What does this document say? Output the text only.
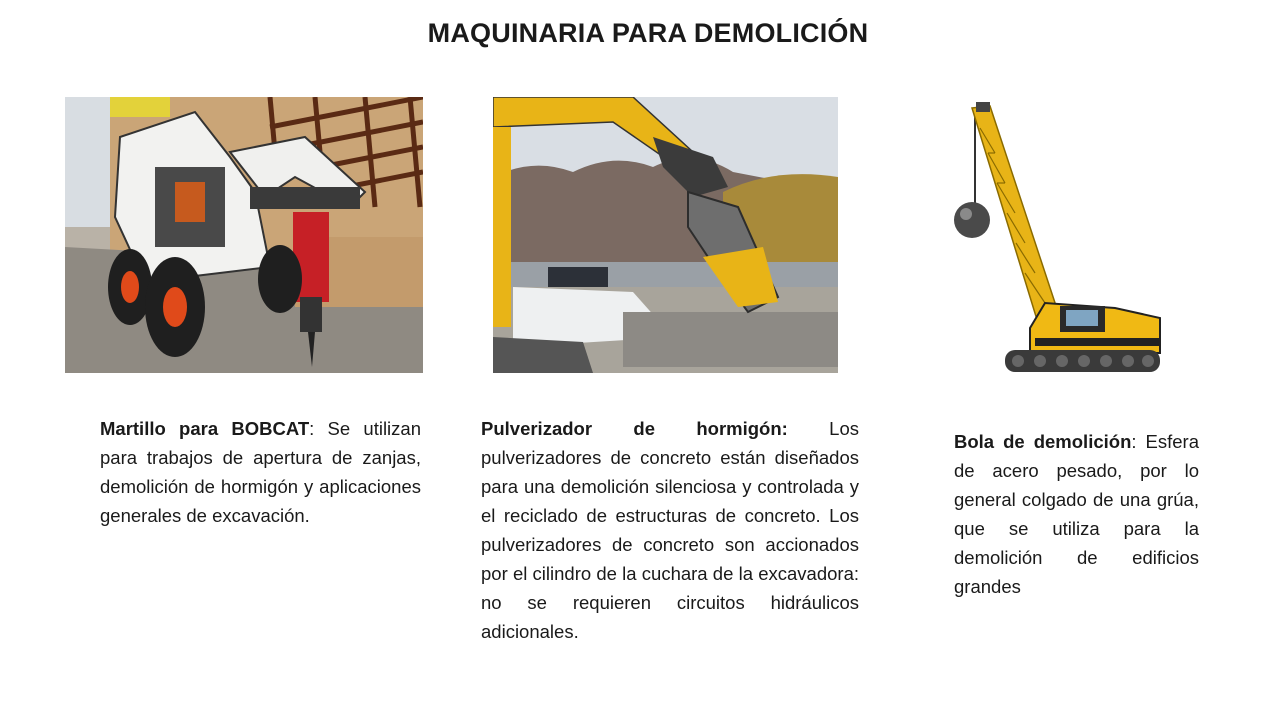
MAQUINARIA PARA DEMOLICIÓN

Martillo para BOBCAT: Se utilizan para trabajos de apertura de zanjas, demolición de hormigón y aplicaciones generales de excavación.

Pulverizador de hormigón: Los pulverizadores de concreto están diseñados para una demolición silenciosa y controlada y el reciclado de estructuras de concreto. Los pulverizadores de concreto son accionados por el cilindro de la cuchara de la excavadora: no se requieren circuitos hidráulicos adicionales.

Bola de demolición: Esfera de acero pesado, por lo general colgado de una grúa, que se utiliza para la demolición de edificios grandes
